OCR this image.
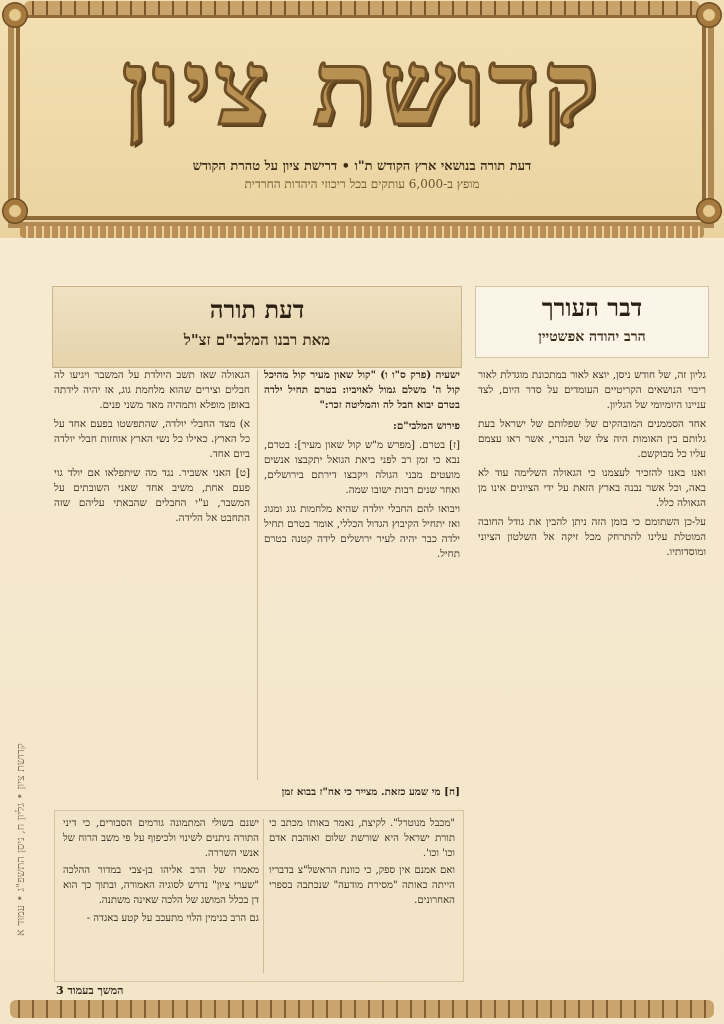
קדושת ציון
דעת תורה בנושאי ארץ הקודש ת"ו • דרישת ציון על טהרת הקודש
מופץ ב-6,000 עותקים בכל ריכוזי היהדות החרדית
דעת תורה
מאת רבנו המלבי"ם זצ"ל
דבר העורך
הרב יהודה אפשטיין

גליון זה, של חודש ניסן, יוצא לאור במתכונת מוגדלת לאור ריבוי הנושאים הקריטיים העומדים על סדר היום, לצד עניינו היומיומי של הגליון.

אחד הסממנים המובהקים של שפלותם של ישראל בעת גלותם בין האומות היה צלו של הנכרי, אשר ראו עצמם עליו כל מבוקשם.

ואנו באנו להזכיר לעצמנו כי הגאולה השלימה עוד לא באה, וכל אשר נבנה בארץ הזאת על ידי הציונים אינו מן הגאולה כלל.

על-כן השתומם כי בזמן הזה ניתן להבין את גודל החובה המוטלת עלינו להתרחק מכל זיקה אל השלטון הציוני ומוסדותיו.

ישעיה (פרק ס"ו ו) "קול שאון מעיר קול מהיכל קול ה' משלם גמול לאויביו: בטרם תחיל ילדה בטרם יבוא חבל לה והמליטה זכר:"

פירוש המלבי"ם:

[ז] בטרם. [מפרש מ"ש קול שאון מעיר]: בטרם, נבא כי זמן רב לפני ביאת הגואל יתקבצו אנשים מועטים מבני הגולה ויקבצו דירתם בירושלים, ואחר שנים רבות ישובו שמה.

ויבואו להם החבלי יולדה שהיא מלחמות גוג ומגוג ואז יתחיל הקיבוץ הגדול הכללי, אומר בטרם תחיל ילדה כבר יהיה לעיר ירושלים לידה קטנה בטרם תחיל.

[ח] מי שמע כזאת. מצייר כי אח"ז בבוא זמן

הגאולה שאז תשב היולדת על המשבר ויגיעו לה חבלים וצירים שהוא מלחמת גוג, אז יהיה לידתה באופן מופלא ותמהיה מאד משני פנים.

א) מצד החבלי יולדה, שהתפשטו בפעם אחד על כל הארץ. כאילו כל נשי הארץ אוחזות חבלי יולדה ביום אחד.

[ט] האני אשביר. נגד מה שיתפלאו אם יולד גוי פעם אחת, משיב אחד שאני השובתים על המשבר, ע"י החבלים שהבאתי עליהם שזה התחבט אל הלידה.

"מכבל מנוטרל". לקיצת, נאמר באותו מכתב כי תורת ישראל היא שורשת שלום ואוהבת אדם וכו' וכו'.

ואם אמנם אין ספק, כי כוונת הראשל"צ בדבריו הייתה כאותה "מסירת מודעה" שנכתבה בספרי האחרונים.

ישנם בשולי המתמונה גורמים הסבורים, כי דיני התורה ניתנים לשינוי ולכיפוף על פי משב הרוח של אנשי השררה.

מאמרו של הרב אליהו בן-צבי במדור ההלכה "שערי ציון" נדרש לסוגיה האמורה, ובתוך כך הוא דן בכלל המושג של הלכה שאינה משתנה.

גם הרב בנימין הלוי מתעכב על קטע באגדה -

קדושת ציון • גליון ח, ניסן התשפ"ג • עמוד א
המשך בעמוד 3
